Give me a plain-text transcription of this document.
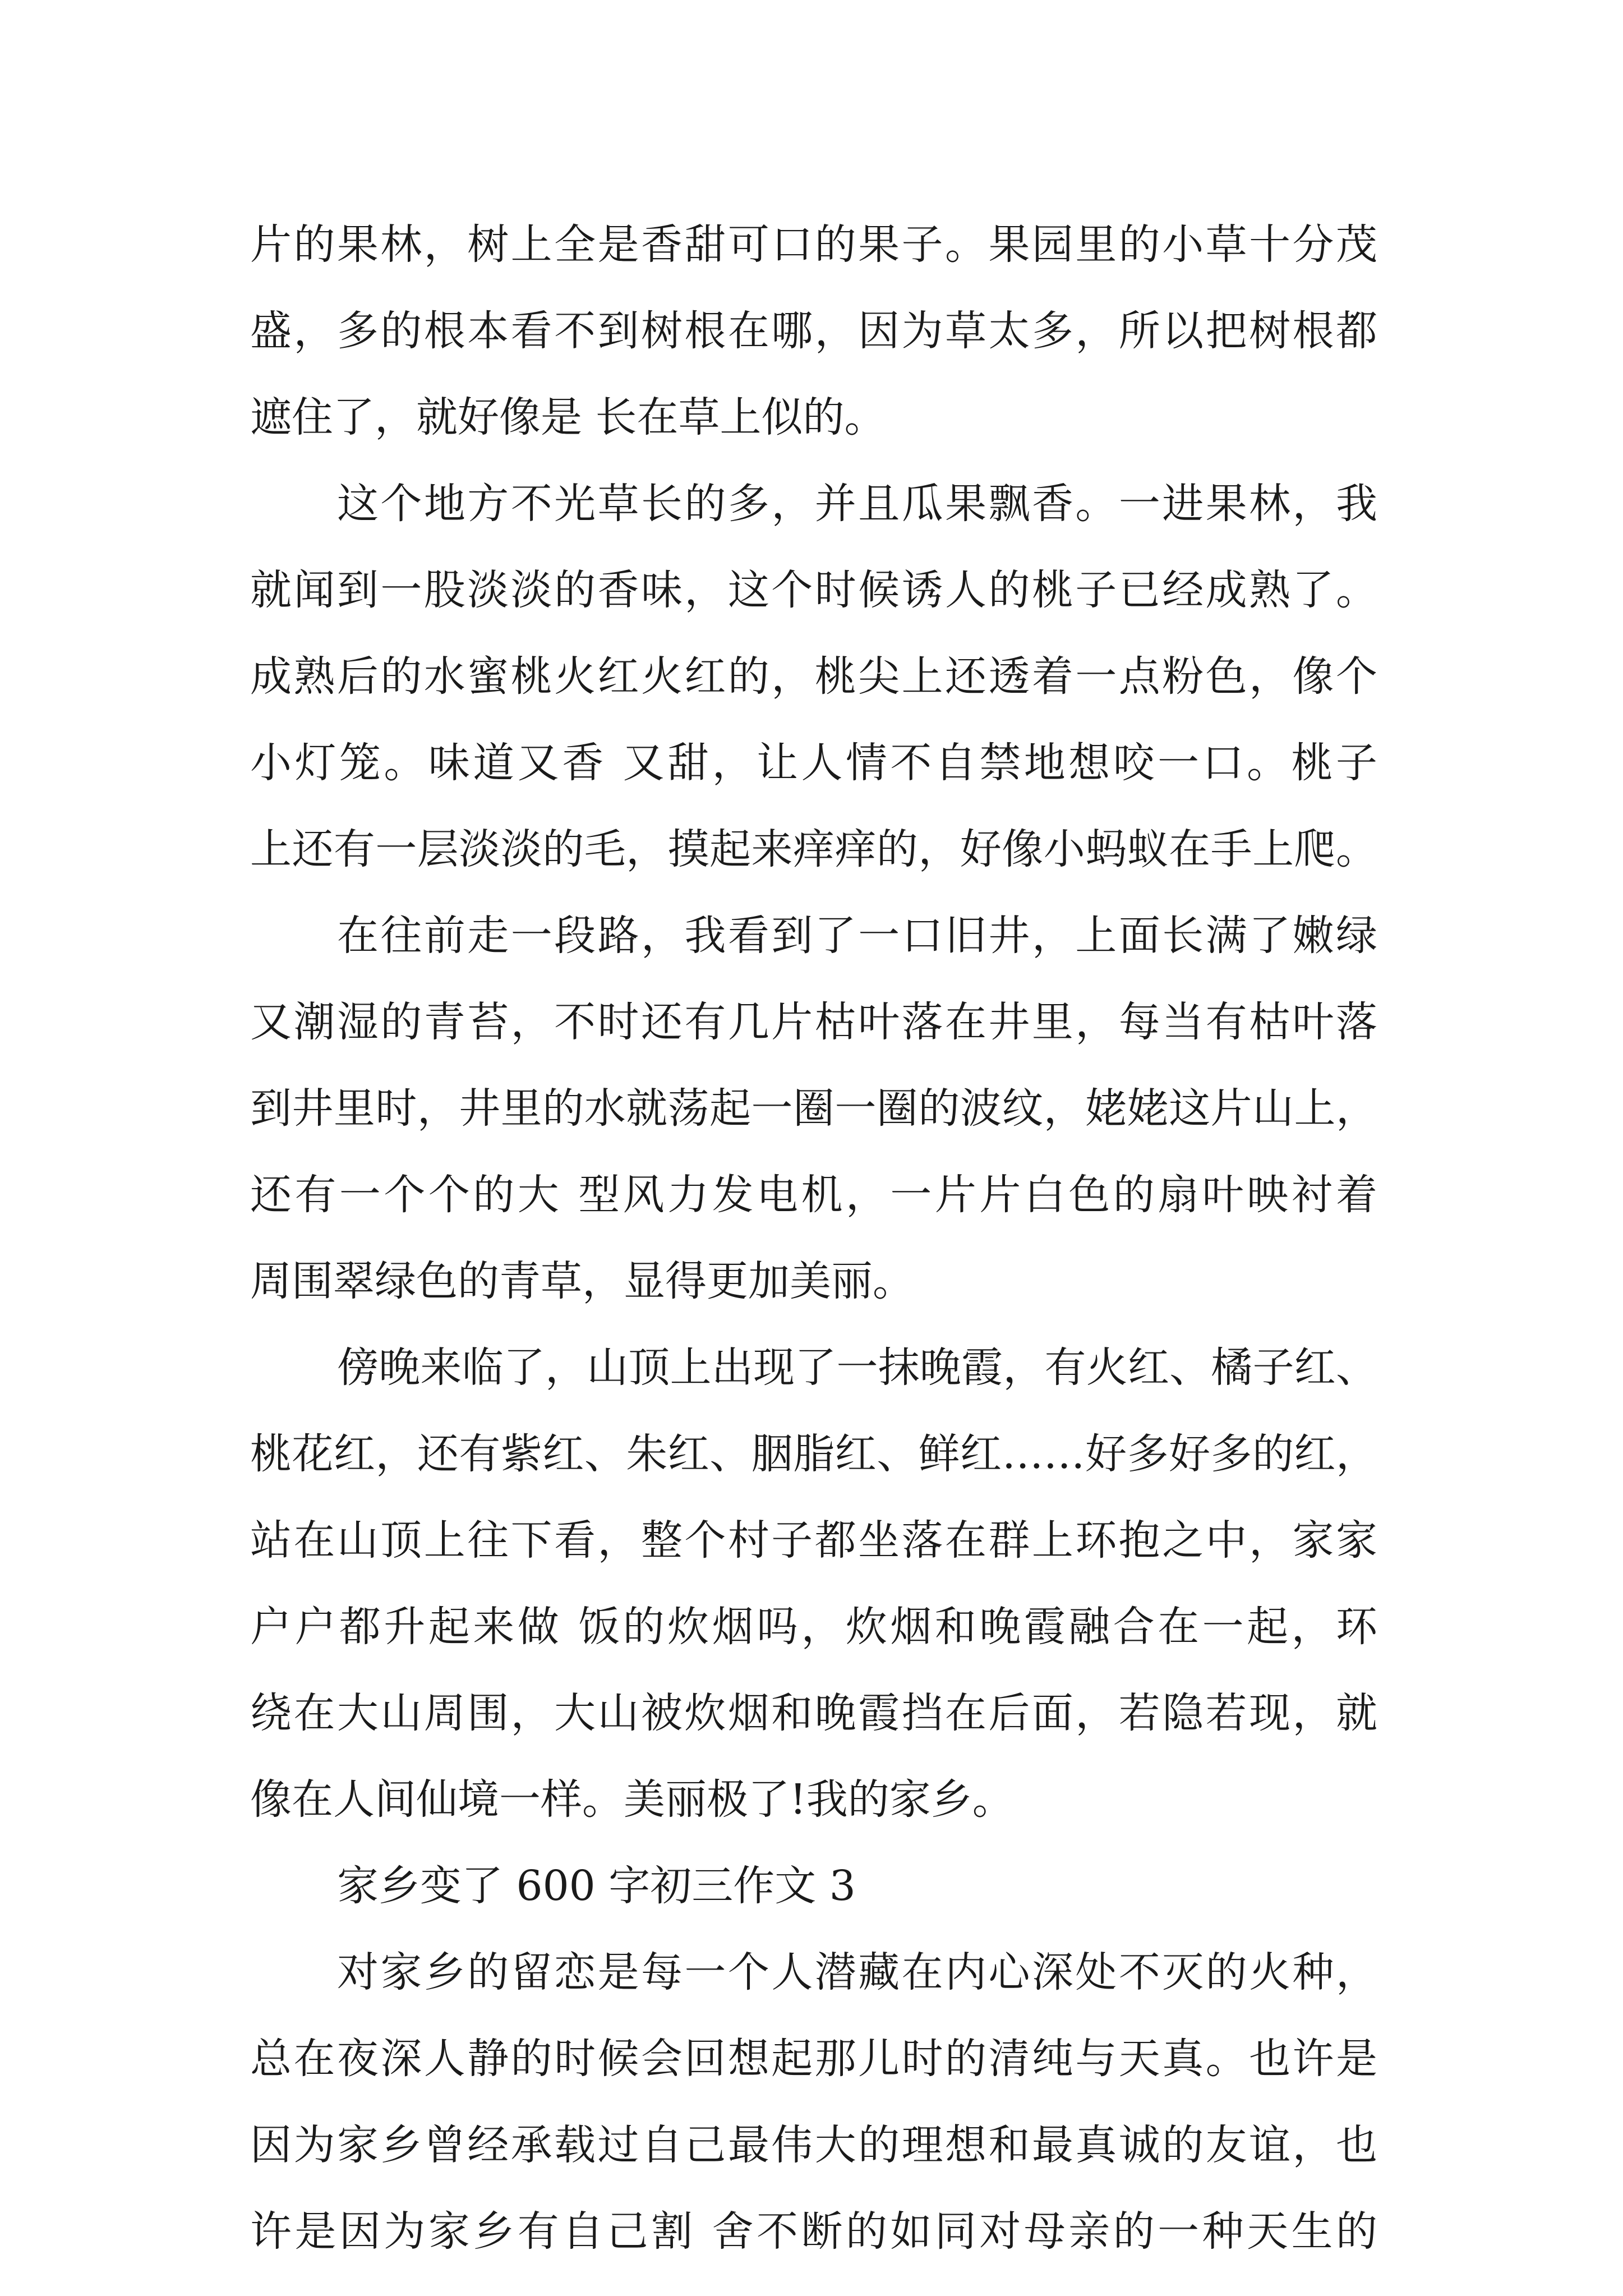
片的果林，树上全是香甜可口的果子。果园里的小草十分茂
盛，多的根本看不到树根在哪，因为草太多，所以把树根都
遮住了，就好像是 长在草上似的。
这个地方不光草长的多，并且瓜果飘香。一进果林，我
就闻到一股淡淡的香味，这个时候诱人的桃子已经成熟了。
成熟后的水蜜桃火红火红的，桃尖上还透着一点粉色，像个
小灯笼。味道又香 又甜，让人情不自禁地想咬一口。桃子
上还有一层淡淡的毛，摸起来痒痒的，好像小蚂蚁在手上爬。
在往前走一段路，我看到了一口旧井，上面长满了嫩绿
又潮湿的青苔，不时还有几片枯叶落在井里，每当有枯叶落
到井里时，井里的水就荡起一圈一圈的波纹，姥姥这片山上，
还有一个个的大 型风力发电机，一片片白色的扇叶映衬着
周围翠绿色的青草，显得更加美丽。
傍晚来临了，山顶上出现了一抹晚霞，有火红、橘子红、
桃花红，还有紫红、朱红、胭脂红、鲜红……好多好多的红，
站在山顶上往下看，整个村子都坐落在群上环抱之中，家家
户户都升起来做 饭的炊烟吗，炊烟和晚霞融合在一起，环
绕在大山周围，大山被炊烟和晚霞挡在后面，若隐若现，就
像在人间仙境一样。美丽极了!我的家乡。
家乡变了 600 字初三作文 3
对家乡的留恋是每一个人潜藏在内心深处不灭的火种，
总在夜深人静的时候会回想起那儿时的清纯与天真。也许是
因为家乡曾经承载过自己最伟大的理想和最真诚的友谊，也
许是因为家乡有自己割 舍不断的如同对母亲的一种天生的
